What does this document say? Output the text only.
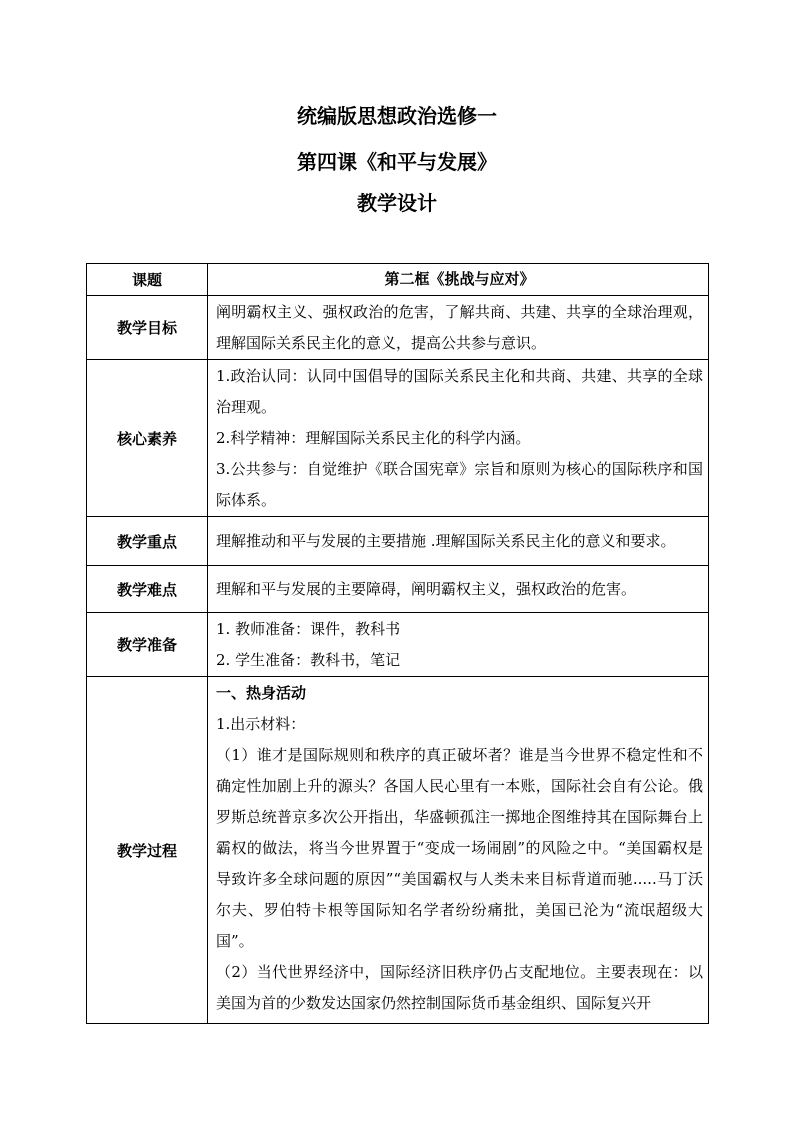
统编版思想政治选修一
第四课《和平与发展》
教学设计
课题	第二框《挑战与应对》
教学目标	阐明霸权主义、强权政治的危害，了解共商、共建、共享的全球治理观，理解国际关系民主化的意义，提高公共参与意识。

核心素养	1.政治认同：认同中国倡导的国际关系民主化和共商、共建、共享的全球治理观。
2.科学精神：理解国际关系民主化的科学内涵。
3.公共参与：自觉维护《联合国宪章》宗旨和原则为核心的国际秩序和国际体系。

教学重点	理解推动和平与发展的主要措施 .理解国际关系民主化的意义和要求。

教学难点	理解和平与发展的主要障碍，阐明霸权主义，强权政治的危害。

教学准备	1. 教师准备：课件，教科书
2. 学生准备：教科书，笔记

教学过程	一、热身活动
1.出示材料：
（1）谁才是国际规则和秩序的真正破坏者？谁是当今世界不稳定性和不确定性加剧上升的源头？各国人民心里有一本账，国际社会自有公论。俄罗斯总统普京多次公开指出，华盛顿孤注一掷地企图维持其在国际舞台上霸权的做法，将当今世界置于“变成一场闹剧”的风险之中。“美国霸权是导致许多全球问题的原因”“美国霸权与人类未来目标背道而驰.....马丁沃尔夫、罗伯特卡根等国际知名学者纷纷痛批，美国已沦为“流氓超级大国”。
（2）当代世界经济中，国际经济旧秩序仍占支配地位。主要表现在：以美国为首的少数发达国家仍然控制国际货币基金组织、国际复兴开
